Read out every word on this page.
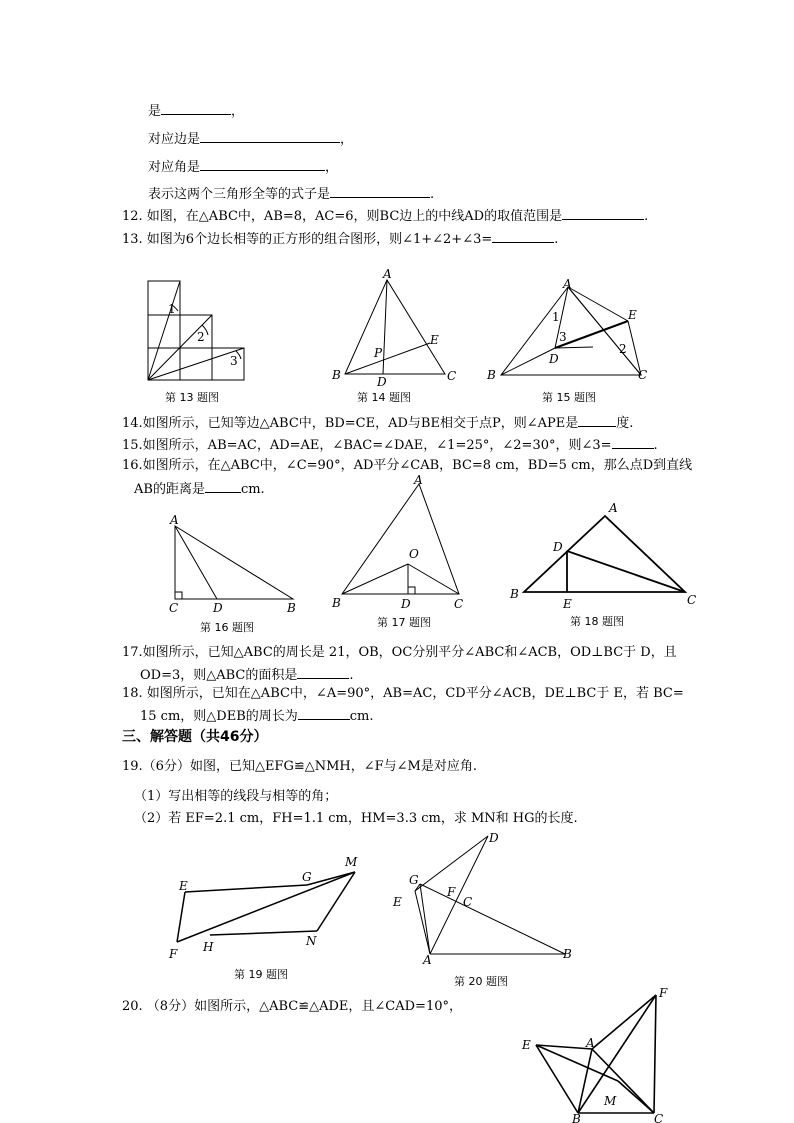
是	，
对应边是	，
对应角是	，
表示这两个三角形全等的式子是	.
12. 如图，在△ABC中，AB=8，AC=6，则BC边上的中线AD的取值范围是	.
13. 如图为6个边长相等的正方形的组合图形，则∠1+∠2+∠3=	.
1
2
3
第 13 题图
A
B	C
D
E
P
第 14 题图
A
B	C
D
E
1
2
3
第 15 题图
14.如图所示，已知等边△ABC中，BD=CE，AD与BE相交于点P，则∠APE是	度.
15.如图所示，AB=AC，AD=AE，∠BAC=∠DAE，∠1=25°，∠2=30°，则∠3=	.
16.如图所示，在△ABC中，∠C=90°，AD平分∠CAB，BC=8 cm，BD=5 cm，那么点D到直线
AB的距离是	cm.
A
C	D	B
第 16 题图
A
B	C
D
O
第 17 题图
A
B	C
D
E
第 18 题图
17.如图所示，已知△ABC的周长是 21，OB，OC分别平分∠ABC和∠ACB，OD⊥BC于 D，且
OD=3，则△ABC的面积是	.
18. 如图所示，已知在△ABC中，∠A=90°，AB=AC，CD平分∠ACB，DE⊥BC于 E，若 BC=
15 cm，则△DEB的周长为	cm.
三、解答题（共46分）
19.（6分）如图，已知△EFG≌△NMH，∠F与∠M是对应角.
（1）写出相等的线段与相等的角；
（2）若 EF=2.1 cm，FH=1.1 cm，HM=3.3 cm，求 MN和 HG的长度.
E
F
G
H
M
N
第 19 题图
D
G
E
F
C
A	B
第 20 题图
20. （8分）如图所示，△ABC≌△ADE，且∠CAD=10°，
F
E	A
M
B	C
